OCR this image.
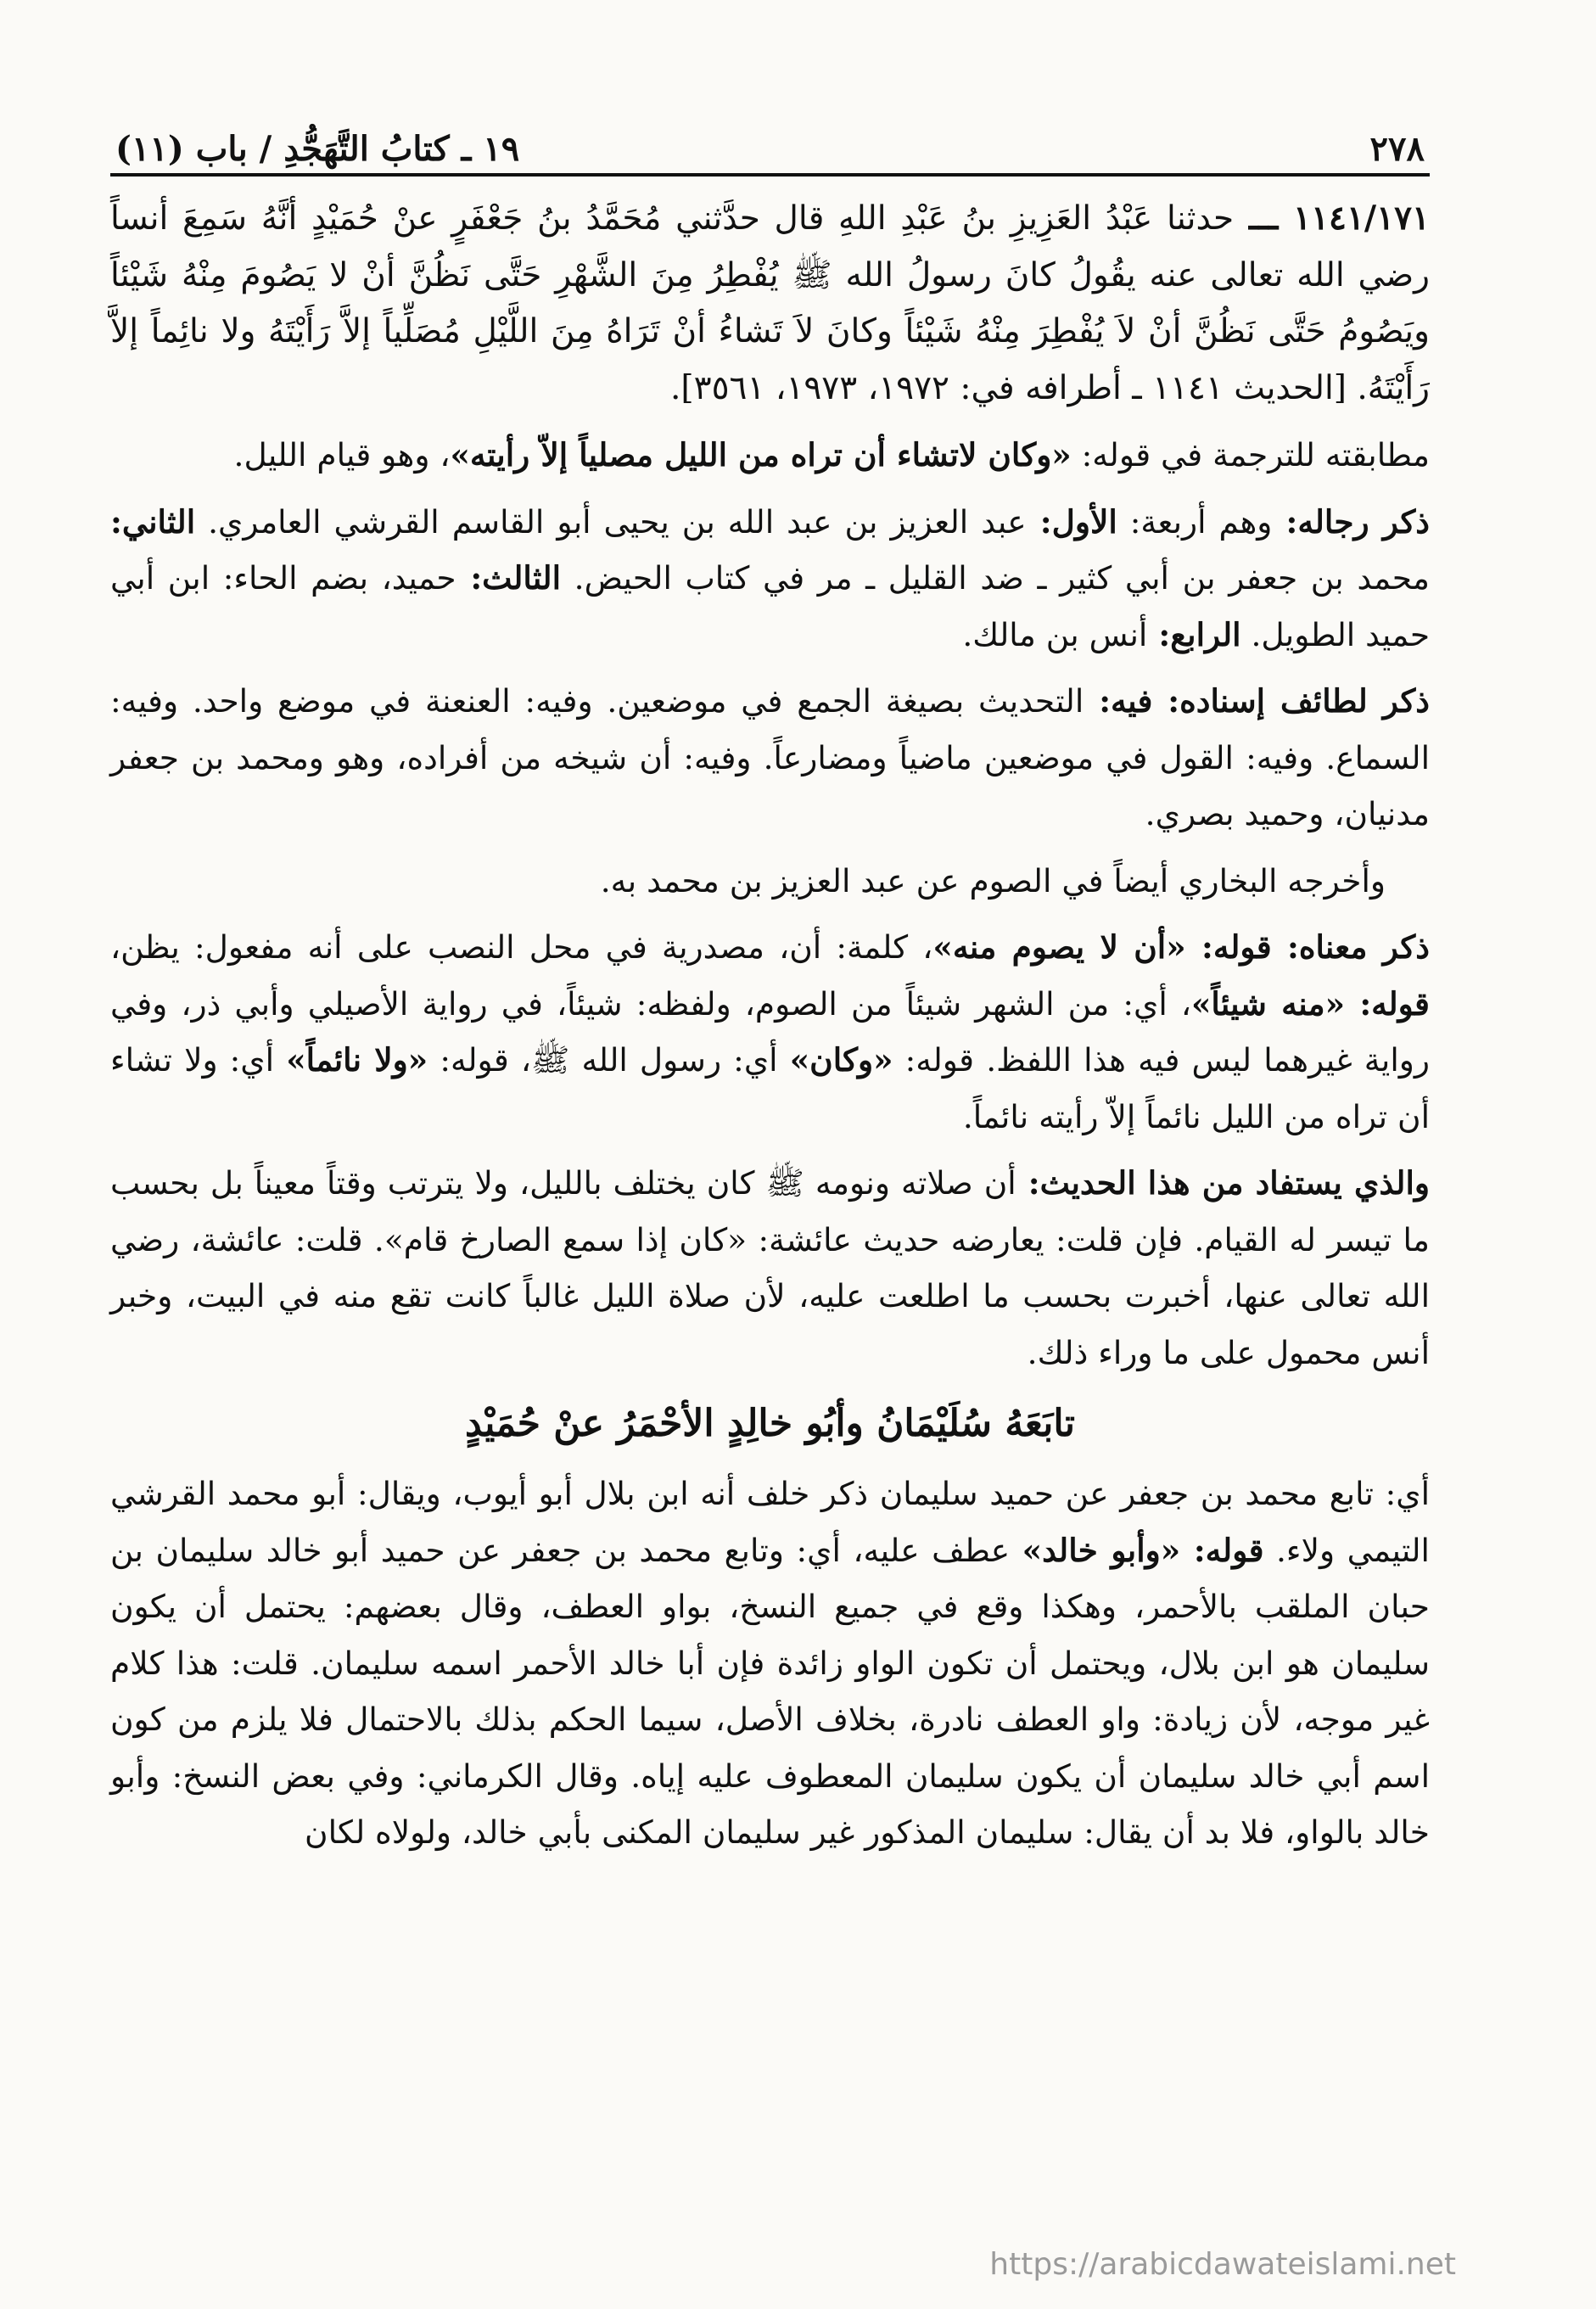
٢٧٨
١٩ ـ كتابُ التَّهَجُّدِ / باب (١١)

١١٤١/١٧١ ـــ حدثنا عَبْدُ العَزِيزِ بنُ عَبْدِ اللهِ قال حدَّثني مُحَمَّدُ بنُ جَعْفَرٍ عنْ حُمَيْدٍ أنَّهُ سَمِعَ أنساً رضي الله تعالى عنه يقُولُ كانَ رسولُ الله ﷺ يُفْطِرُ مِنَ الشَّهْرِ حَتَّى نَظُنَّ أنْ لا يَصُومَ مِنْهُ شَيْئاً ويَصُومُ حَتَّى نَظُنَّ أنْ لاَ يُفْطِرَ مِنْهُ شَيْئاً وكانَ لاَ تَشاءُ أنْ تَرَاهُ مِنَ اللَّيْلِ مُصَلِّياً إلاَّ رَأَيْتَهُ ولا نائِماً إلاَّ رَأَيْتَهُ. [الحديث ١١٤١ ـ أطرافه في: ١٩٧٢، ١٩٧٣، ٣٥٦١].

مطابقته للترجمة في قوله: «وكان لاتشاء أن تراه من الليل مصلياً إلاّ رأيته»، وهو قيام الليل.

ذكر رجاله: وهم أربعة: الأول: عبد العزيز بن عبد الله بن يحيى أبو القاسم القرشي العامري. الثاني: محمد بن جعفر بن أبي كثير ـ ضد القليل ـ مر في كتاب الحيض. الثالث: حميد، بضم الحاء: ابن أبي حميد الطويل. الرابع: أنس بن مالك.

ذكر لطائف إسناده: فيه: التحديث بصيغة الجمع في موضعين. وفيه: العنعنة في موضع واحد. وفيه: السماع. وفيه: القول في موضعين ماضياً ومضارعاً. وفيه: أن شيخه من أفراده، وهو ومحمد بن جعفر مدنيان، وحميد بصري.

وأخرجه البخاري أيضاً في الصوم عن عبد العزيز بن محمد به.

ذكر معناه: قوله: «أن لا يصوم منه»، كلمة: أن، مصدرية في محل النصب على أنه مفعول: يظن، قوله: «منه شيئاً»، أي: من الشهر شيئاً من الصوم، ولفظه: شيئاً، في رواية الأصيلي وأبي ذر، وفي رواية غيرهما ليس فيه هذا اللفظ. قوله: «وكان» أي: رسول الله ﷺ، قوله: «ولا نائماً» أي: ولا تشاء أن تراه من الليل نائماً إلاّ رأيته نائماً.

والذي يستفاد من هذا الحديث: أن صلاته ونومه ﷺ كان يختلف بالليل، ولا يترتب وقتاً معيناً بل بحسب ما تيسر له القيام. فإن قلت: يعارضه حديث عائشة: «كان إذا سمع الصارخ قام». قلت: عائشة، رضي الله تعالى عنها، أخبرت بحسب ما اطلعت عليه، لأن صلاة الليل غالباً كانت تقع منه في البيت، وخبر أنس محمول على ما وراء ذلك.

تابَعَهُ سُلَيْمَانُ وأبُو خالِدٍ الأحْمَرُ عنْ حُمَيْدٍ

أي: تابع محمد بن جعفر عن حميد سليمان ذكر خلف أنه ابن بلال أبو أيوب، ويقال: أبو محمد القرشي التيمي ولاء. قوله: «وأبو خالد» عطف عليه، أي: وتابع محمد بن جعفر عن حميد أبو خالد سليمان بن حبان الملقب بالأحمر، وهكذا وقع في جميع النسخ، بواو العطف، وقال بعضهم: يحتمل أن يكون سليمان هو ابن بلال، ويحتمل أن تكون الواو زائدة فإن أبا خالد الأحمر اسمه سليمان. قلت: هذا كلام غير موجه، لأن زيادة: واو العطف نادرة، بخلاف الأصل، سيما الحكم بذلك بالاحتمال فلا يلزم من كون اسم أبي خالد سليمان أن يكون سليمان المعطوف عليه إياه. وقال الكرماني: وفي بعض النسخ: وأبو خالد بالواو، فلا بد أن يقال: سليمان المذكور غير سليمان المكنى بأبي خالد، ولولاه لكان

https://arabicdawateislami.net
